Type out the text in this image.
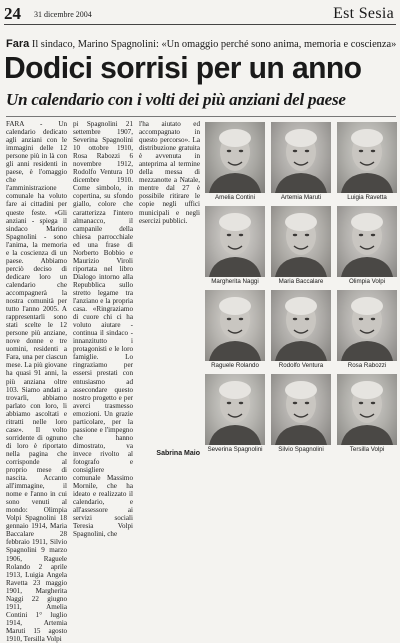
24 31 dicembre 2004	Est Sesia
Fara Il sindaco, Marino Spagnolini: «Un omaggio perché sono anima, memoria e coscienza»
Dodici sorrisi per un anno
Un calendario con i volti dei più anziani del paese

FARA - Un calendario dedicato agli anziani con le immagini delle 12 persone più in là con gli anni residenti in paese, è l'omaggio che l'amministrazione comunale ha voluto fare ai cittadini per queste feste. «Gli anziani - spiega il sindaco Marino Spagnolini - sono l'anima, la memoria e la coscienza di un paese. Abbiamo perciò deciso di dedicare loro un calendario che accompagnerà la nostra comunità per tutto l'anno 2005. A rappresentarli sono stati scelte le 12 persone più anziane, nove donne e tre uomini, residenti a Fara, una per ciascun mese. La più giovane ha quasi 91 anni, la più anziana oltre 103. Siamo andati a trovarli, abbiamo parlato con loro, li abbiamo ascoltati e ritratti nelle loro case». Il volto sorridente di ognuno di loro è riportato nella pagina che corrisponde al proprio mese di nascita. Accanto all'immagine, il nome e l'anno in cui sono venuti al mondo: Olimpia Volpi Spagnolini 18 gennaio 1914, Maria Baccalare 28 febbraio 1911, Silvio Spagnolini 9 marzo 1906, Raguele Rolando 2 aprile 1913, Luigia Angela Ravetta 23 maggio 1901, Margherita Naggi 22 giugno 1911, Amelia Contini 1° luglio 1914, Artemia Maruti 15 agosto 1910, Tersilla Volpi

pi Spagnolini 21 settembre 1907, Severina Spagnolini 10 ottobre 1910, Rosa Rabozzi 6 novembre 1912, Rodolfo Ventura 10 dicembre 1910. Come simbolo, in copertina, su sfondo giallo, colore che caratterizza l'intero almanacco, il campanile della chiesa parrocchiale ed una frase di Norberto Bobbio e Maurizio Viroli riportata nel libro Dialogo intorno alla Repubblica sullo stretto legame tra l'anziano e la propria casa. «Ringraziamo di cuore chi ci ha voluto aiutare - continua il sindaco - innanzitutto i protagonisti e le loro famiglie. Lo ringraziamo per essersi prestati con entusiasmo ad assecondare questo nostro progetto e per averci trasmesso emozioni. Un grazie particolare, per la passione e l'impegno che hanno dimostrato, va invece rivolto al fotografo e consigliere comunale Massimo Mornile, che ha ideato e realizzato il calendario, e all'assessore ai servizi sociali Teresia Volpi Spagnolini, che

l'ha aiutato ed accompagnato in questo percorso». La distribuzione gratuita è avvenuta in anteprima al termine della messa di mezzanotte a Natale, mentre dal 27 è possibile ritirare le copie negli uffici municipali e negli esercizi pubblici.

Sabrina Maio
Amelia Contini	Artemia Maruti	Luigia Ravetta
Margherita Naggi	Maria Baccalare	Olimpia Volpi
Raguele Rolando	Rodolfo Ventura	Rosa Rabozzi
Severina Spagnolini	Silvio Spagnolini	Tersilla Volpi
